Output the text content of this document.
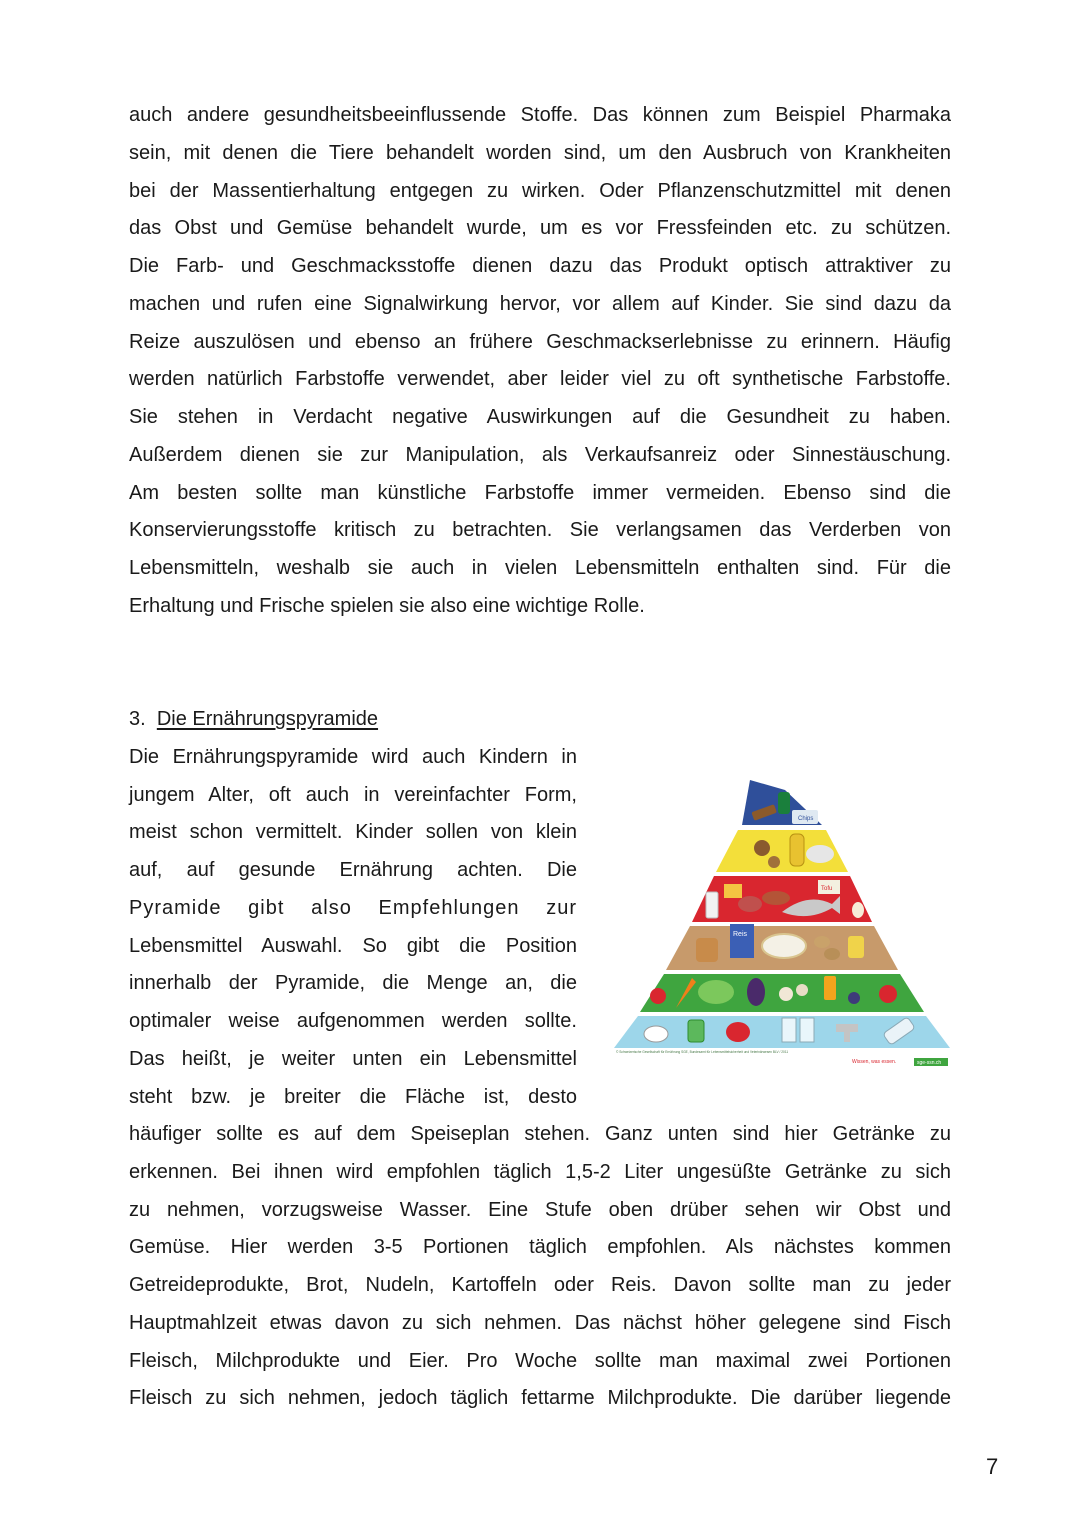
auch andere gesundheitsbeeinflussende Stoffe. Das können zum Beispiel Pharmaka
sein, mit denen die Tiere behandelt worden sind, um den Ausbruch von Krankheiten
bei der Massentierhaltung entgegen zu wirken. Oder Pflanzenschutzmittel mit denen
das Obst und Gemüse behandelt wurde, um es vor Fressfeinden etc. zu schützen.
Die Farb- und Geschmacksstoffe dienen dazu das Produkt optisch attraktiver zu
machen und rufen eine Signalwirkung hervor, vor allem auf Kinder. Sie sind dazu da
Reize auszulösen und ebenso an frühere Geschmackserlebnisse zu erinnern. Häufig
werden natürlich Farbstoffe verwendet, aber leider viel zu oft synthetische Farbstoffe.
Sie stehen in Verdacht negative Auswirkungen auf die Gesundheit zu haben.
Außerdem dienen sie zur Manipulation, als Verkaufsanreiz oder Sinnestäuschung.
Am besten sollte man künstliche Farbstoffe immer vermeiden. Ebenso sind die
Konservierungsstoffe kritisch zu betrachten. Sie verlangsamen das Verderben von
Lebensmitteln, weshalb sie auch in vielen Lebensmitteln enthalten sind. Für die
Erhaltung und Frische spielen sie also eine wichtige Rolle.
3. Die Ernährungspyramide
Die Ernährungspyramide wird auch Kindern in
jungem Alter, oft auch in vereinfachter Form,
meist schon vermittelt. Kinder sollen von klein
auf, auf gesunde Ernährung achten. Die
Pyramide gibt also Empfehlungen zur
Lebensmittel Auswahl. So gibt die Position
innerhalb der Pyramide, die Menge an, die
optimaler weise aufgenommen werden sollte.
Das heißt, je weiter unten ein Lebensmittel
steht bzw. je breiter die Fläche ist, desto
Chips
Tofu
Reis
© Schweizerische Gesellschaft für Ernährung SGE, Bundesamt für Lebensmittelsicherheit und Veterinärwesen BLV / 2011
Wissen, was essen.	sge-ssn.ch
häufiger sollte es auf dem Speiseplan stehen. Ganz unten sind hier Getränke zu
erkennen. Bei ihnen wird empfohlen täglich 1,5-2 Liter ungesüßte Getränke zu sich
zu nehmen, vorzugsweise Wasser. Eine Stufe oben drüber sehen wir Obst und
Gemüse. Hier werden 3-5 Portionen täglich empfohlen. Als nächstes kommen
Getreideprodukte, Brot, Nudeln, Kartoffeln oder Reis. Davon sollte man zu jeder
Hauptmahlzeit etwas davon zu sich nehmen. Das nächst höher gelegene sind Fisch
Fleisch, Milchprodukte und Eier. Pro Woche sollte man maximal zwei Portionen
Fleisch zu sich nehmen, jedoch täglich fettarme Milchprodukte. Die darüber liegende
7
